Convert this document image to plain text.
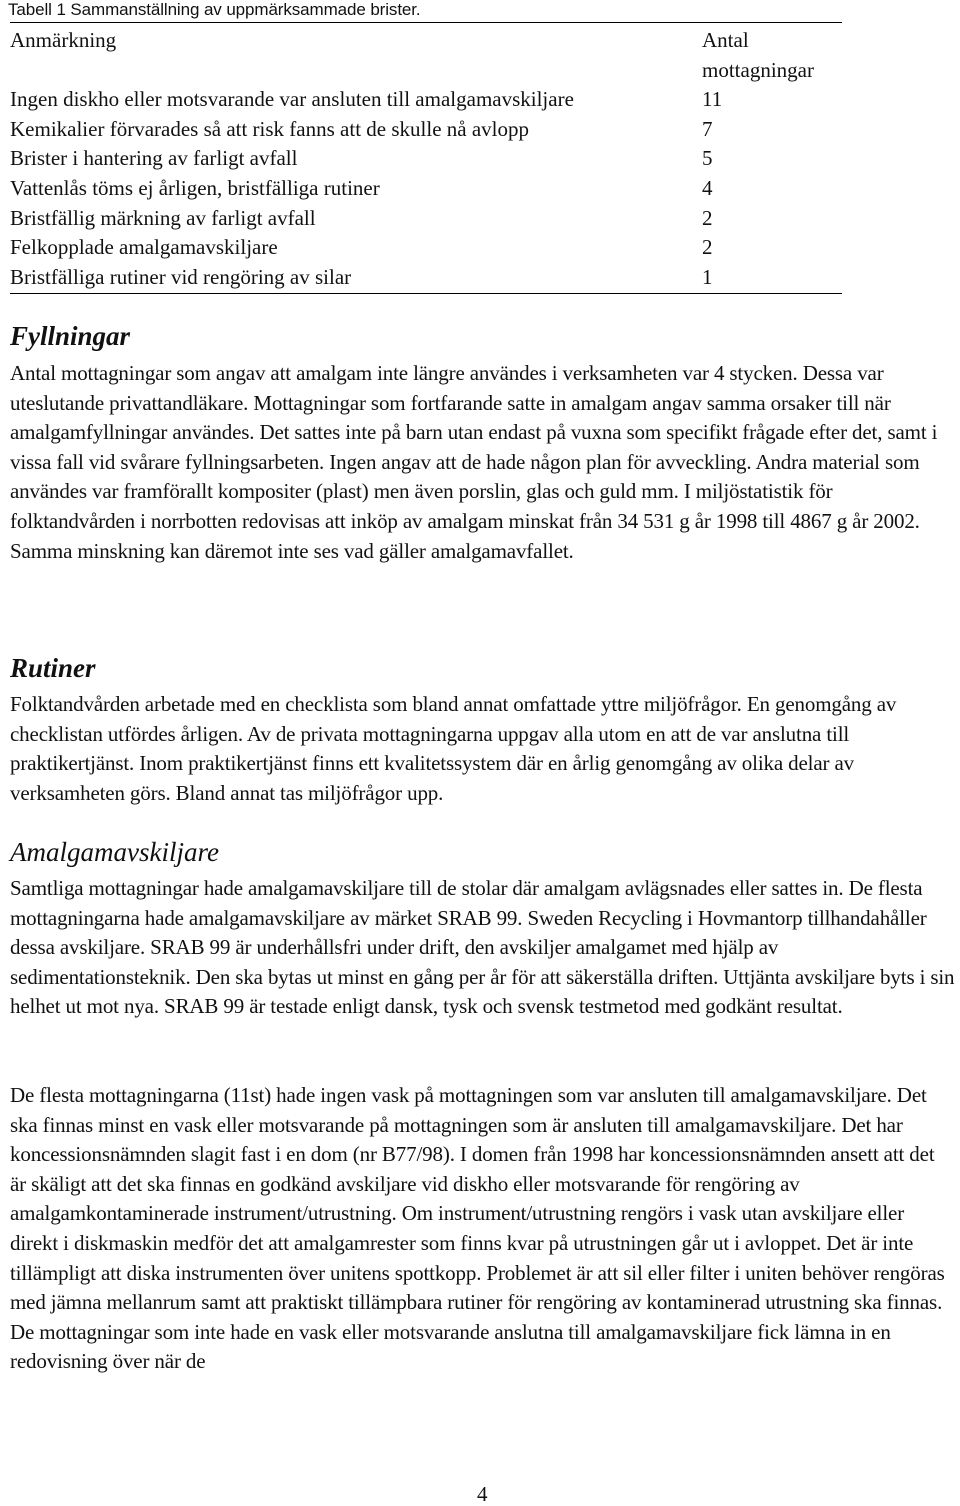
Tabell 1 Sammanställning av uppmärksammade brister.
Anmärkning	Antal mottagningar
Ingen diskho eller motsvarande var ansluten till amalgamavskiljare	11
Kemikalier förvarades så att risk fanns att de skulle nå avlopp	7
Brister i hantering av farligt avfall	5
Vattenlås töms ej årligen, bristfälliga rutiner	4
Bristfällig märkning av farligt avfall	2
Felkopplade amalgamavskiljare	2
Bristfälliga rutiner vid rengöring av silar	1
Fyllningar

Antal mottagningar som angav att amalgam inte längre användes i verksamheten var 4 stycken. Dessa var uteslutande privattandläkare. Mottagningar som fortfarande satte in amalgam angav samma orsaker till när amalgamfyllningar användes. Det sattes inte på barn utan endast på vuxna som specifikt frågade efter det, samt i vissa fall vid svårare fyllningsarbeten. Ingen angav att de hade någon plan för avveckling. Andra material som användes var framförallt kompositer (plast) men även porslin, glas och guld mm. I miljöstatistik för folktandvården i norrbotten redovisas att inköp av amalgam minskat från 34 531 g år 1998 till 4867 g år 2002. Samma minskning kan däremot inte ses vad gäller amalgamavfallet.

Rutiner

Folktandvården arbetade med en checklista som bland annat omfattade yttre miljöfrågor. En genomgång av checklistan utfördes årligen. Av de privata mottagningarna uppgav alla utom en att de var anslutna till praktikertjänst. Inom praktikertjänst finns ett kvalitetssystem där en årlig genomgång av olika delar av verksamheten görs. Bland annat tas miljöfrågor upp.

Amalgamavskiljare

Samtliga mottagningar hade amalgamavskiljare till de stolar där amalgam avlägsnades eller sattes in. De flesta mottagningarna hade amalgamavskiljare av märket SRAB 99. Sweden Recycling i Hovmantorp tillhandahåller dessa avskiljare. SRAB 99 är underhållsfri under drift, den avskiljer amalgamet med hjälp av sedimentationsteknik. Den ska bytas ut minst en gång per år för att säkerställa driften. Uttjänta avskiljare byts i sin helhet ut mot nya. SRAB 99 är testade enligt dansk, tysk och svensk testmetod med godkänt resultat.

De flesta mottagningarna (11st) hade ingen vask på mottagningen som var ansluten till amalgamavskiljare. Det ska finnas minst en vask eller motsvarande på mottagningen som är ansluten till amalgamavskiljare. Det har koncessionsnämnden slagit fast i en dom (nr B77/98). I domen från 1998 har koncessionsnämnden ansett att det är skäligt att det ska finnas en godkänd avskiljare vid diskho eller motsvarande för rengöring av amalgamkontaminerade instrument/utrustning. Om instrument/utrustning rengörs i vask utan avskiljare eller direkt i diskmaskin medför det att amalgamrester som finns kvar på utrustningen går ut i avloppet. Det är inte tillämpligt att diska instrumenten över unitens spottkopp. Problemet är att sil eller filter i uniten behöver rengöras med jämna mellanrum samt att praktiskt tillämpbara rutiner för rengöring av kontaminerad utrustning ska finnas. De mottagningar som inte hade en vask eller motsvarande anslutna till amalgamavskiljare fick lämna in en redovisning över när de

4
